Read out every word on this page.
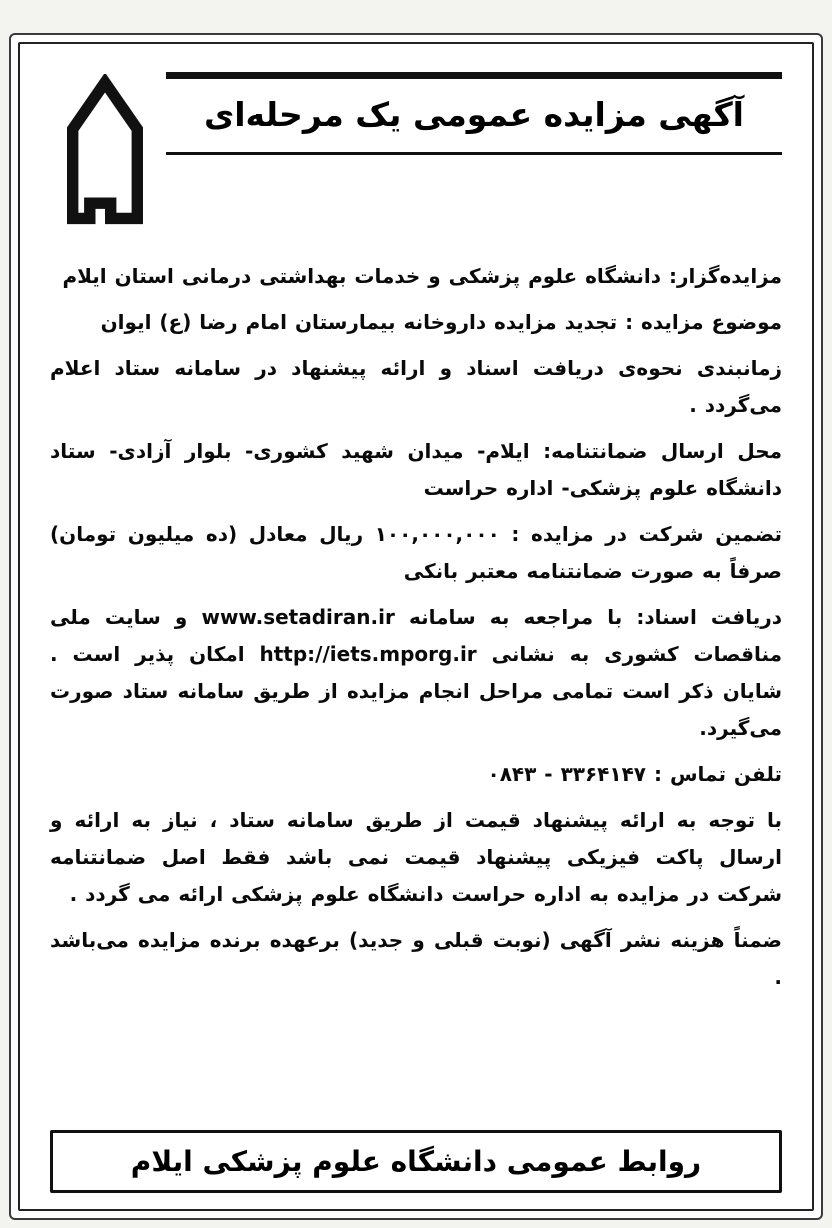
آگهی مزایده عمومی یک مرحله‌ای

مزایده‌گزار: دانشگاه علوم پزشکی و خدمات بهداشتی درمانی استان ایلام

موضوع مزایده : تجدید مزایده داروخانه بیمارستان امام رضا (ع) ایوان

زمانبندی نحوه‌ی دریافت اسناد و ارائه پیشنهاد در سامانه ستاد اعلام می‌گردد .

محل ارسال ضمانتنامه: ایلام- میدان شهید کشوری- بلوار آزادی- ستاد دانشگاه علوم پزشکی- اداره حراست

تضمین شرکت در مزایده : ۱۰۰,۰۰۰,۰۰۰ ریال معادل (ده میلیون تومان) صرفاً به صورت ضمانتنامه معتبر بانکی

دریافت اسناد: با مراجعه به سامانه www.setadiran.ir و سایت ملی مناقصات کشوری به نشانی http://iets.mporg.ir امکان پذیر است . شایان ذکر است تمامی مراحل انجام مزایده از طریق سامانه ستاد صورت می‌گیرد.

تلفن تماس : ۳۳۶۴۱۴۷ - ۰۸۴۳

با توجه به ارائه پیشنهاد قیمت از طریق سامانه ستاد ، نیاز به ارائه و ارسال پاکت فیزیکی پیشنهاد قیمت نمی باشد فقط اصل ضمانتنامه شرکت در مزایده به اداره حراست دانشگاه علوم پزشکی ارائه می گردد .

ضمناً هزینه نشر آگهی (نوبت قبلی و جدید) برعهده برنده مزایده می‌باشد .

روابط عمومی دانشگاه علوم پزشکی ایلام
